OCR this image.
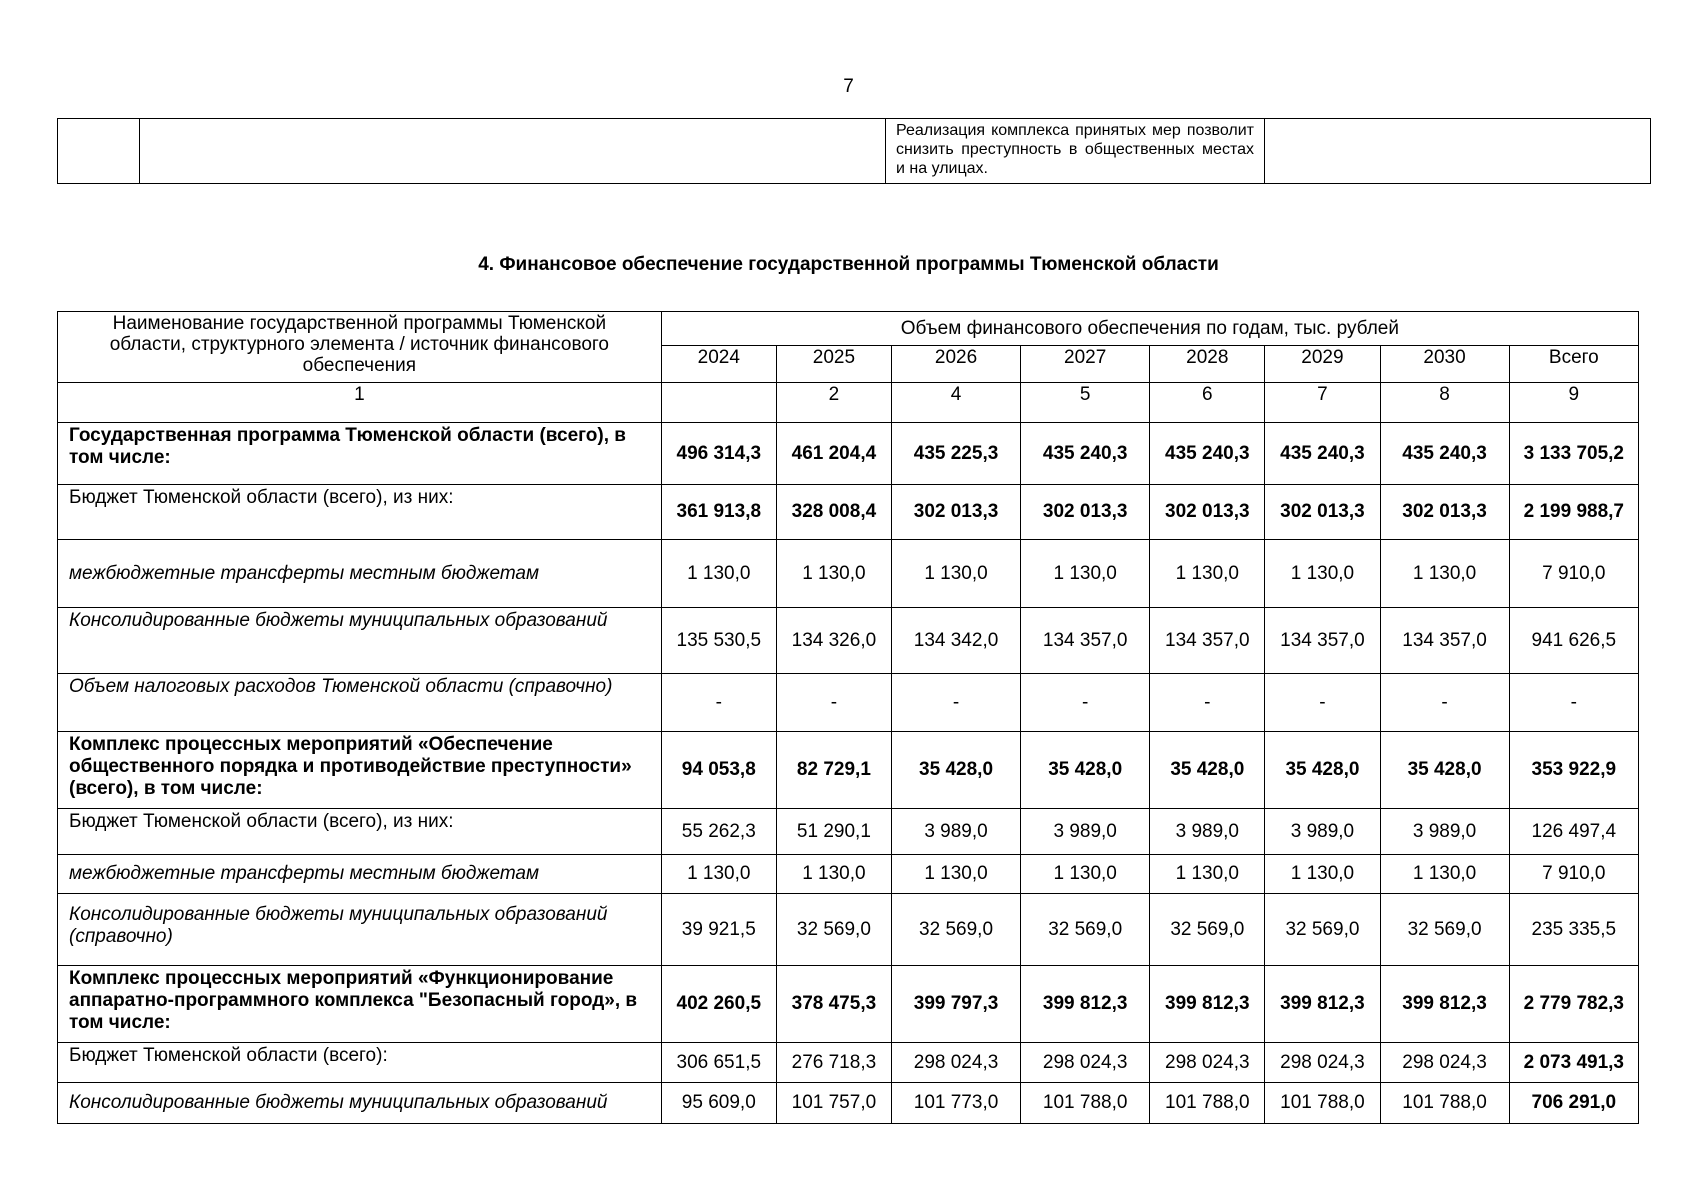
7

Реализация комплекса принятых мер позволит снизить преступность в общественных местах и на улицах.

4. Финансовое обеспечение государственной программы Тюменской области
Наименование государственной программы Тюменской области, структурного элемента / источник финансового обеспечения	Объем финансового обеспечения по годам, тыс. рублей							
	2024	2025	2026	2027	2028	2029	2030	Всего
1		2	4	5	6	7	8	9
Государственная программа Тюменской области (всего), в том числе:	496 314,3	461 204,4	435 225,3	435 240,3	435 240,3	435 240,3	435 240,3	3 133 705,2
Бюджет Тюменской области (всего), из них:	361 913,8	328 008,4	302 013,3	302 013,3	302 013,3	302 013,3	302 013,3	2 199 988,7
межбюджетные трансферты местным бюджетам	1 130,0	1 130,0	1 130,0	1 130,0	1 130,0	1 130,0	1 130,0	7 910,0
Консолидированные бюджеты муниципальных образований	135 530,5	134 326,0	134 342,0	134 357,0	134 357,0	134 357,0	134 357,0	941 626,5
Объем налоговых расходов Тюменской области (справочно)	-	-	-	-	-	-	-	-
Комплекс процессных мероприятий «Обеспечение общественного порядка и противодействие преступности» (всего), в том числе:	94 053,8	82 729,1	35 428,0	35 428,0	35 428,0	35 428,0	35 428,0	353 922,9
Бюджет Тюменской области (всего), из них:	55 262,3	51 290,1	3 989,0	3 989,0	3 989,0	3 989,0	3 989,0	126 497,4
межбюджетные трансферты местным бюджетам	1 130,0	1 130,0	1 130,0	1 130,0	1 130,0	1 130,0	1 130,0	7 910,0
Консолидированные бюджеты муниципальных образований (справочно)	39 921,5	32 569,0	32 569,0	32 569,0	32 569,0	32 569,0	32 569,0	235 335,5
Комплекс процессных мероприятий «Функционирование аппаратно-программного комплекса "Безопасный город», в том числе:	402 260,5	378 475,3	399 797,3	399 812,3	399 812,3	399 812,3	399 812,3	2 779 782,3
Бюджет Тюменской области (всего):	306 651,5	276 718,3	298 024,3	298 024,3	298 024,3	298 024,3	298 024,3	2 073 491,3
Консолидированные бюджеты муниципальных образований	95 609,0	101 757,0	101 773,0	101 788,0	101 788,0	101 788,0	101 788,0	706 291,0
